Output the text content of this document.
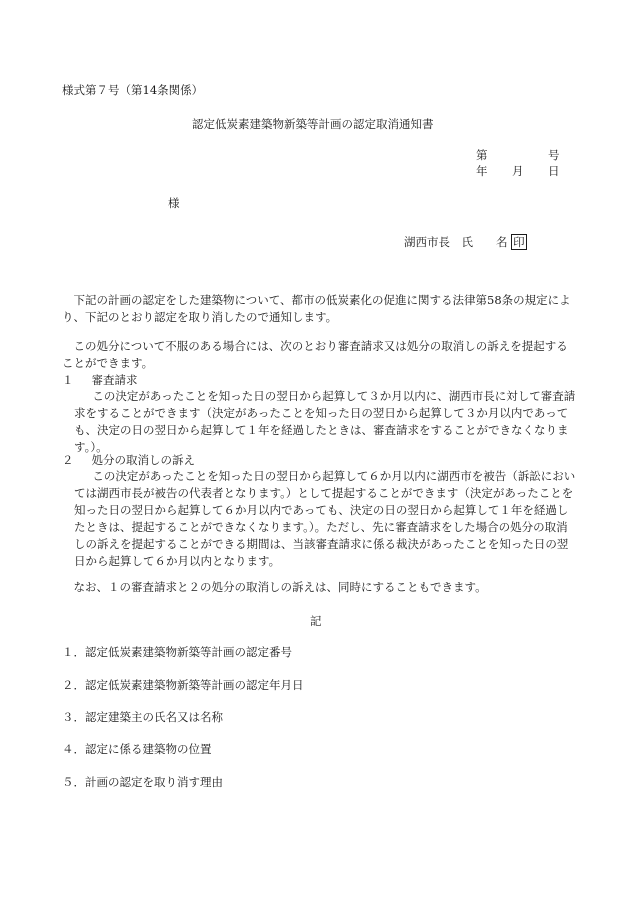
様式第７号（第14条関係）
認定低炭素建築物新築等計画の認定取消通知書
第	号
年 月 日
様
湖西市長　氏　　名 印
下記の計画の認定をした建築物について、都市の低炭素化の促進に関する法律第58条の規定により、下記のとおり認定を取り消したので通知します。
この処分について不服のある場合には、次のとおり審査請求又は処分の取消しの訴えを提起することができます。
１ 審査請求
この決定があったことを知った日の翌日から起算して３か月以内に、湖西市長に対して審査請求をすることができます（決定があったことを知った日の翌日から起算して３か月以内であっても、決定の日の翌日から起算して１年を経過したときは、審査請求をすることができなくなります。）。
２ 処分の取消しの訴え
この決定があったことを知った日の翌日から起算して６か月以内に湖西市を被告（訴訟においては湖西市長が被告の代表者となります。）として提起することができます（決定があったことを知った日の翌日から起算して６か月以内であっても、決定の日の翌日から起算して１年を経過したときは、提起することができなくなります。）。ただし、先に審査請求をした場合の処分の取消しの訴えを提起することができる期間は、当該審査請求に係る裁決があったことを知った日の翌日から起算して６か月以内となります。
なお、１の審査請求と２の処分の取消しの訴えは、同時にすることもできます。
記
１．認定低炭素建築物新築等計画の認定番号
２．認定低炭素建築物新築等計画の認定年月日
３．認定建築主の氏名又は名称
４．認定に係る建築物の位置
５．計画の認定を取り消す理由
